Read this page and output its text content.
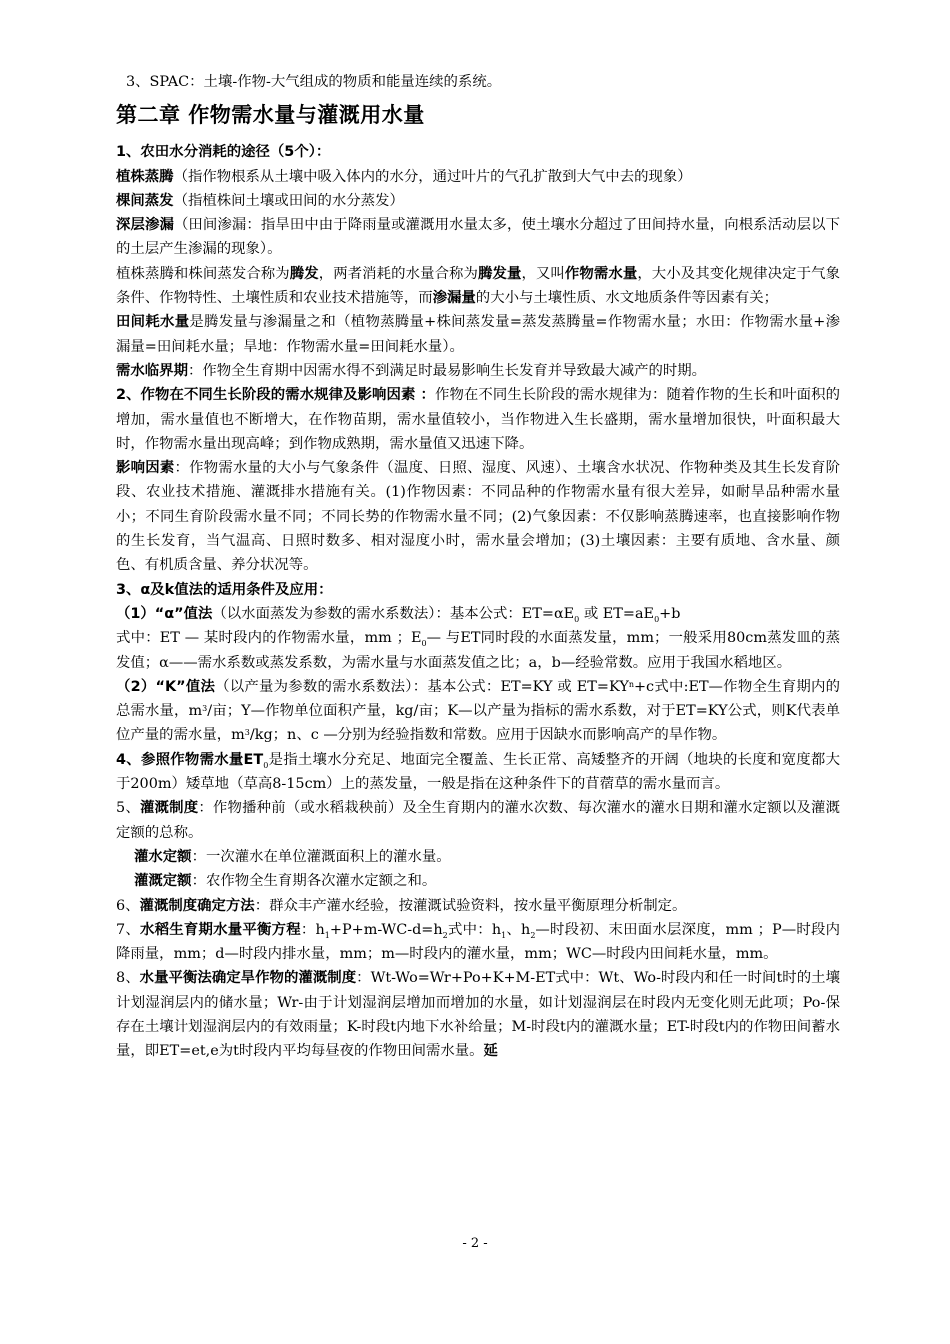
3、SPAC：土壤-作物-大气组成的物质和能量连续的系统。

第二章 作物需水量与灌溉用水量

1、农田水分消耗的途径（5个）：

植株蒸腾（指作物根系从土壤中吸入体内的水分，通过叶片的气孔扩散到大气中去的现象）

棵间蒸发（指植株间土壤或田间的水分蒸发）

深层渗漏（田间渗漏：指旱田中由于降雨量或灌溉用水量太多，使土壤水分超过了田间持水量，向根系活动层以下的土层产生渗漏的现象）。

植株蒸腾和株间蒸发合称为腾发，两者消耗的水量合称为腾发量，又叫作物需水量，大小及其变化规律决定于气象条件、作物特性、土壤性质和农业技术措施等，而渗漏量的大小与土壤性质、水文地质条件等因素有关；

田间耗水量是腾发量与渗漏量之和（植物蒸腾量+株间蒸发量=蒸发蒸腾量=作物需水量；水田：作物需水量+渗漏量=田间耗水量；旱地：作物需水量=田间耗水量）。

需水临界期：作物全生育期中因需水得不到满足时最易影响生长发育并导致最大减产的时期。

2、作物在不同生长阶段的需水规律及影响因素 ：作物在不同生长阶段的需水规律为：随着作物的生长和叶面积的增加，需水量值也不断增大，在作物苗期，需水量值较小，当作物进入生长盛期，需水量增加很快，叶面积最大时，作物需水量出现高峰；到作物成熟期，需水量值又迅速下降。

影响因素：作物需水量的大小与气象条件（温度、日照、湿度、风速）、土壤含水状况、作物种类及其生长发育阶段、农业技术措施、灌溉排水措施有关。(1)作物因素：不同品种的作物需水量有很大差异，如耐旱品种需水量小；不同生育阶段需水量不同；不同长势的作物需水量不同；(2)气象因素：不仅影响蒸腾速率，也直接影响作物的生长发育，当气温高、日照时数多、相对湿度小时，需水量会增加；(3)土壤因素：主要有质地、含水量、颜色、有机质含量、养分状况等。

3、α及k值法的适用条件及应用：

（1）“α”值法（以水面蒸发为参数的需水系数法）：基本公式：$ET=\alpha E_0$ 或 $ET=aE_0+b$
式中：ET — 某时段内的作物需水量，mm ；$E_0—$ 与ET同时段的水面蒸发量，mm；一般采用80cm蒸发皿的蒸发值；α——需水系数或蒸发系数，为需水量与水面蒸发值之比；a，b—经验常数。应用于我国水稻地区。

（2）“K”值法（以产量为参数的需水系数法）：基本公式：ET=KY 或 $ET=KY^n+c$式中:ET—作物全生育期内的总需水量，$m^3/$亩；Y—作物单位面积产量，kg/亩；K—以产量为指标的需水系数，对于ET=KY公式，则K代表单位产量的需水量，$m^3/kg$；n、c —分别为经验指数和常数。应用于因缺水而影响高产的旱作物。

4、参照作物需水量$ET_0$是指土壤水分充足、地面完全覆盖、生长正常、高矮整齐的开阔（地块的长度和宽度都大于200m）矮草地（草高8-15cm）上的蒸发量，一般是指在这种条件下的苜蓿草的需水量而言。

5、灌溉制度：作物播种前（或水稻栽秧前）及全生育期内的灌水次数、每次灌水的灌水日期和灌水定额以及灌溉定额的总称。

灌水定额：一次灌水在单位灌溉面积上的灌水量。

灌溉定额：农作物全生育期各次灌水定额之和。

6、灌溉制度确定方法：群众丰产灌水经验，按灌溉试验资料，按水量平衡原理分析制定。

7、水稻生育期水量平衡方程：$h_1+P+m-WC-d=h_2$式中：$h_1$、$h_2—$时段初、末田面水层深度，mm ；P—时段内降雨量，mm；d—时段内排水量，mm；m—时段内的灌水量，mm；WC—时段内田间耗水量，mm。

8、水量平衡法确定旱作物的灌溉制度：Wt-Wo=Wr+Po+K+M-ET式中：Wt、Wo-时段内和任一时间t时的土壤计划湿润层内的储水量；Wr-由于计划湿润层增加而增加的水量，如计划湿润层在时段内无变化则无此项；Po-保存在土壤计划湿润层内的有效雨量；K-时段t内地下水补给量；M-时段t内的灌溉水量；ET-时段t内的作物田间蓄水量，即ET=et,e为t时段内平均每昼夜的作物田间需水量。延

- 2 -
